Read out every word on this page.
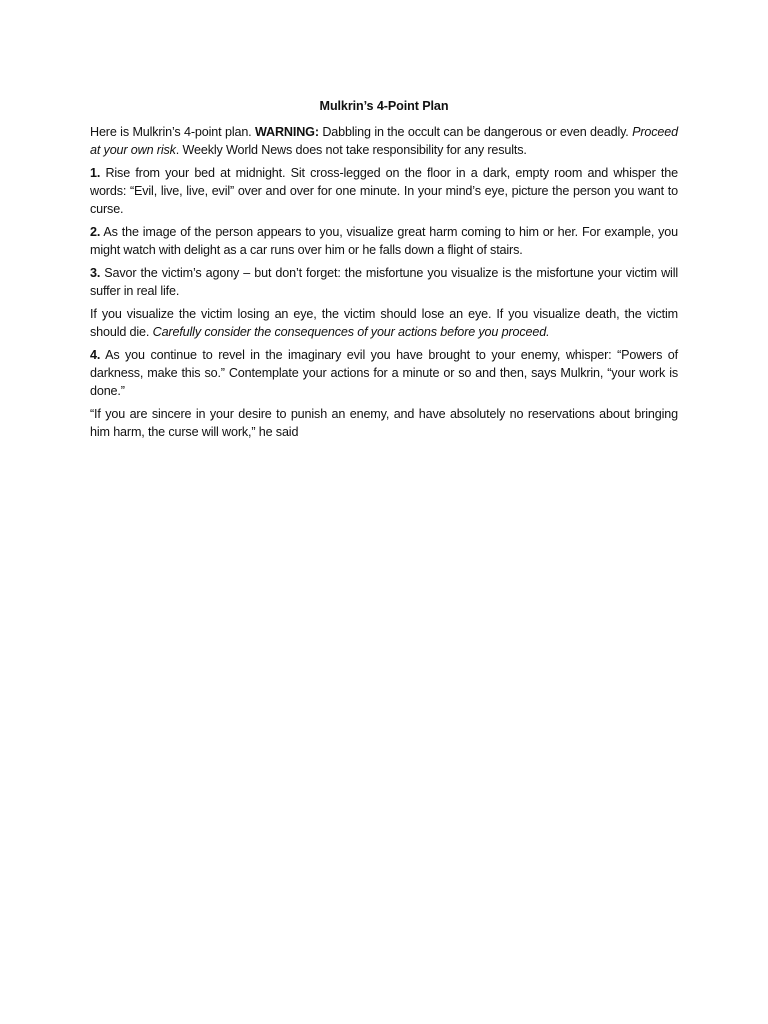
Mulkrin’s 4-Point Plan

Here is Mulkrin’s 4-point plan. WARNING: Dabbling in the occult can be dangerous or even deadly. Proceed at your own risk. Weekly World News does not take responsibility for any results.

1. Rise from your bed at midnight. Sit cross-legged on the floor in a dark, empty room and whisper the words: “Evil, live, live, evil” over and over for one minute. In your mind’s eye, picture the person you want to curse.

2. As the image of the person appears to you, visualize great harm coming to him or her. For example, you might watch with delight as a car runs over him or he falls down a flight of stairs.

3. Savor the victim’s agony – but don’t forget: the misfortune you visualize is the misfortune your victim will suffer in real life.

If you visualize the victim losing an eye, the victim should lose an eye. If you visualize death, the victim should die. Carefully consider the consequences of your actions before you proceed.

4. As you continue to revel in the imaginary evil you have brought to your enemy, whisper: “Powers of darkness, make this so.” Contemplate your actions for a minute or so and then, says Mulkrin, “your work is done.”

“If you are sincere in your desire to punish an enemy, and have absolutely no reservations about bringing him harm, the curse will work,” he said
